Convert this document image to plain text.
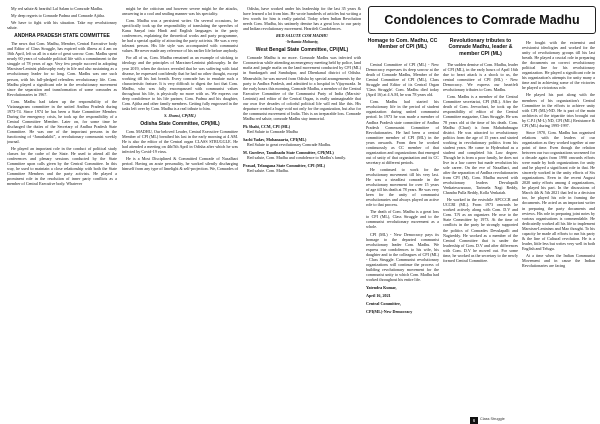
My red salute & heartful Lal Salam to Comrade Madhu.

My deep regrets to Comrade Padma and Comrade Ajitha.

We have to fight with his situation. Take my revolutionary salute.

ANDHRA PRADESH STATE COMMITTEE

The news that Com. Madhu, Member, Central Executive body and Editor of Class Struggle, has expired with illness at 4 am on 16th April, left us all in a state of great sorrow. Com. Madhu spent nearly 60 years of valuable political life with a commitment to the struggle of 78 years of age. Very few people succeed in adopting Marxism-Leninist philosophy early in life and also sustaining as a revolutionary leader for so long. Com. Madhu was one such person, with his full-pledged relentless revolutionary life. Com. Madhu played a significant role in the revolutionary movement since the separation and transformation of some comrades as Revolutionaries in 1967.

Com. Madhu had taken up the responsibility of the Vizianagaram committee in the united Andhra Pradesh during 1973-74. Since 1974 he has been a State Committee Member. During the emergency crisis, he took up the responsibility of a Central Committee Member. Later on, for some time he discharged the duties of the Secretary of Andhra Pradesh State Committee. He was one of the important persons in the functioning of “Janashakthi”, a revolutionary communist weekly journal.

He played an important role in the conduct of political study classes for the cadre of the State. He used to attend all the conferences and plenary sessions conducted by the State Committee upon calls given by the Central Committee. In this way, he used to maintain a close relationship with both the State Committee Members and the party activists. He played a prominent role in the resolution of inner party conflicts as a member of Central Executive body. Whatever

might be the criticism and however severe might be the attacks, answering in a cool and smiling manner was his speciality.

Com. Madhu was a persistent writer. On several occasions, he specifically took up the responsibility of translating the speeches of Kanu Sanyal into Hindi and English languages in the party conferences, explaining the theoretical works and party programme, he had a special quality of attracting the party activists. He was a very tolerant person. His life style was accompanied with communist values. He never made any reference of his earlier life before anybody.

For all of us, Com. Madhu remained as an example of sticking to ideology and the principles of Marxism-Leninist philosophy. In the year 2019, when the doctors revealed that he was suffering with fatal disease, he expressed confidently that he had no other thought, except working till his last breath. Every comrade has to emulate such a characteristic feature. It is very difficult to digest the fact that Com. Madhu, who was fully encompassed with communist values throughout his life, is physically no more with us. We express our deep condolence to his life partner, Com. Padma and his daughter, Com. Ajitha and other family members. Getting fully engrossed in the tasks left over by Com. Madhu is a real tribute to him.

S. Jhansi, CP(ML)

Odisha State Committee, CPI(ML)

Com. MADHU, Our beloved Leader, Central Executive Committee Member of CPI (ML) breathed his last in the early morning at 4 AM. He is also the editor of the Central organ CLASS STRUGGLE. He had attended a meeting on 4th/5th April in Odisha after which he was infected by Covid-19 virus.

He is a Most Disciplined & Committed Comrade of Naxalbari period. Having an acute personality, he worked silently discharging himself from any type of limelight & self-projection. We, Comrades of

Odisha, have worked under his leadership for the last 35 years & have learned a lot from him. He wrote hundreds of articles but writing a few words for him is really painful. Today when Indian Revolution needs Com. Madhu, his untimely demise has a great loss to our party and Indian revolutionary movement. Heartfelt Condolences.

RED SALUTE COM MADHU

-Srikanta Mohanty,

West Bengal State Committee, CPI(ML)

Comrade Madhu is no more. Comrade Madhu was infected with Coronavirus while attending an emergency meeting held by police, land mafia and jungle mafia on the land movement conducted by CPI (ML) in Sundargarh and Sambalpur, and Dhenkanal district of Odisha. Meanwhile, he was moved from Odisha by special arrangements by the party to Andhra Pradesh, and admitted to a hospital in Vijayawada. In the early hours this morning, Comrade Madhu, a member of the Central Executive Committee of the Communist Party of India (Marxist-Leninist) and editor of the Central Organ, is really unimaginable that our own five decades of colorful political life will end like this. His departure created a huge void not only for the organization, but also for the communist movement of India. This is an irreparable loss. Comrade Madhu red salute, comrade Madhu stay immortal.

Pk Shahi, CCM, CPI (ML)

Red Salute to Comrade Madhu

Sachi Yadav, Mohanaarta, CPI(ML)

Red Salute to great revolutionary Comrade Madhu.

M. Gurdeve, Tamilnadu State Committee, CPI(ML)

Red salute, Com. Madhu and condolence to Madhu's family.

Prasad, Telangana State Committee, CPI (ML)

Red salute. Com. Madhu.

Condolences to Comrade Madhu
Homage to Com. Madhu, CC Member of CPI (ML)
Revolutionary tributes to Comrade Madhu, leader & member CPI (ML)

Central Committee of CPI (ML) - New Democracy expresses its deep sorrow at the death of Comrade Madhu, Member of the Central Committee of CPI (ML), Class Struggle and Editor of its Central Organ 'Class Struggle'. Com. Madhu died today (April 16) at 4 A.M, he was 78 years old.

Com. Madhu had started his revolutionary life in the period of student organization during united communist period. In 1973 he was made a member of Andhra Pradesh state committee of Andhra Pradesh Communist Committee of Revolutionaries. He had been a central committee member of CPI (ML) in the years onwards. From then he worked continuously as CC member of that organization and organizations that emerged out of unity of that organization and its CC secretary at different periods.

He continued to work for the revolutionary movement till his very last. He was a steadfast comrade in the revolutionary movement for over 15 years of age till his death at 78 years. He was very keen for the unity of communist revolutionaries and always played an active role to that process.

The death of Com. Madhu is a great loss to CPI (ML), Class Struggle and to the communist revolutionary movement as a whole.

CPI (ML) - New Democracy pays its homage to the departed communist revolutionary leader Com. Madhu. We express our condolences to his wife, his daughter and to the colleagues of CPI (ML) - Class Struggle. Communist revolutionary organizations will continue the process of building revolutionary movement for the communist unity to which Com. Madhu had worked throughout his entire life.

Yatendra Kumar,

April 16, 2021

Central Committee,

CPI(ML)-New Democracy

The sudden demise of Com. Madhu, leader of CPI (ML), in the early hours of April 16th due to heart attack is a shock to us, the central committee of CPI (ML) - New Democracy. We express our heartfelt revolutionary tributes to Com. Madhu.

Com. Madhu is a member of the Central Committee secretariat, CPI (ML). After the death of Com. Jeevachari, he took up the responsibility of editor of the Central Committee magazine, Class Struggle. He was 78 years old at the time of his death. Com. Madhu (Chari) is from Mahabubnagar district. He was attracted to revolutionary politics from the age of 15 years and started working in revolutionary politics from his student years. He came to Hyderabad as a student and completed his Law degree. Though he is from a poor family, he does not live in a law career but made revolution his sole career. On the eve of Naxalbari, and after the separation of Andhra revolutionaries from CPI (M), Com. Madhu moved with revolutionary leaders Devulapalli Venkateswararao, Tarimela Nagi Reddy, Chandra Pulla Reddy, Kolla Venkaiah.

He worked in the erstwhile APCCCR and UCCRI (ML). From 1973 onwards he worked actively along with Com. D.V and Com. T.N as an organizer. He rose to the State Committee by 1973. At the time of conflicts in the party he strongly supported the politics of Comrades Devulapalli and Nagireddy. He worked as a member of the Central Committee that is under the leadership of Com. D.V and after differences with Com. D.V he moved out. For some time, he worked as the secretary to the newly formed Central Committee.

6	Class Struggle

He fought with the extremist and revisionist ideologies and worked for the unity of revolutionary groups till his last breath. He played a crucial role in preparing the documents on correct revolutionary political line for his revolutionary organization. He played a significant role in his organization's attempts for unity many a time and in achieving some of the victories he played a victorious role.

He played his part along with the members of his organization's Central Committee in the efforts to achieve unity with CPI (ML)-ND. He is part of the main architects of the tripartite trios brought out by C.P.I (M-L) ND, CPI (ML) Resistance & CPI (ML) during 1995-1997.

Since 1970, Com. Madhu has organised relations with the leaders of our organization as they worked together at one point of time. Even though the relation between our two organizations worsened for a decade again from 1990 onwards efforts were made by both organizations for unity and he played a significant role in that. He sincerely worked in the unity efforts of Six organizations. Even in the recent August 2020 unity efforts among 4 organizations, he played his part. In the discussions of March 4th & 5th 2021 that led to a decision too, he played his role in framing the documents. He acted as an important writer in preparing the party documents and reviews. His role in preparing joint notes by various organisations is commendable. He dedicatedly worked all his life to implement Marxism-Leninism and Mao thought. To his capacity he made all efforts to run his party & the line of Cultural revolution. He is a leader, little less but writes very well in both English and Telugu.

At a time when the Indian Communist Movement and in cause the Indian Revolutionaries are facing
